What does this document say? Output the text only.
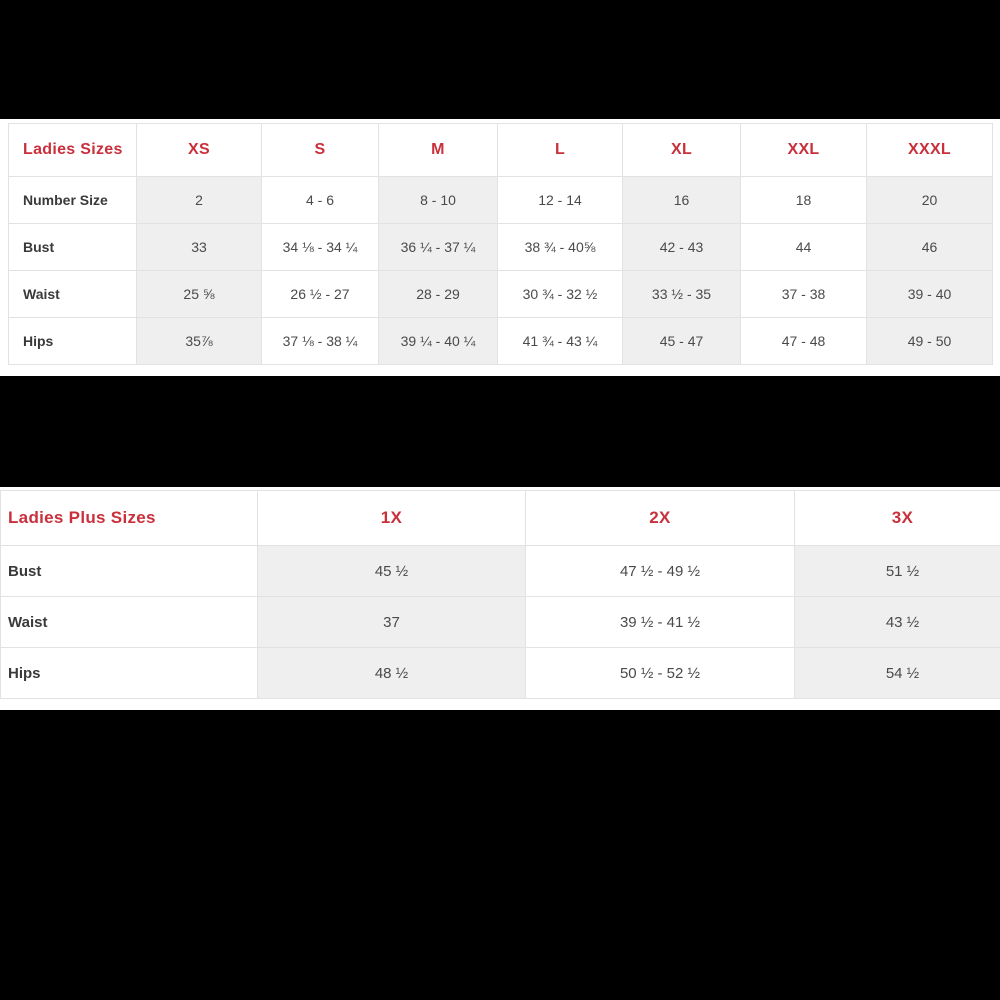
Ladies Sizes	XS	S	M	L	XL	XXL	XXXL
Number Size	2	4 - 6	8 - 10	12 - 14	16	18	20
Bust	33	34 ⅛ - 34 ¼	36 ¼ - 37 ¼	38 ¾ - 40⅝	42 - 43	44	46
Waist	25 ⅝	26 ½ - 27	28 - 29	30 ¾ - 32 ½	33 ½ - 35	37 - 38	39 - 40
Hips	35⅞	37 ⅛ - 38 ¼	39 ¼ - 40 ¼	41 ¾ - 43 ¼	45 - 47	47 - 48	49 - 50
Ladies Plus Sizes	1X	2X	3X
Bust	45 ½	47 ½ - 49 ½	51 ½
Waist	37	39 ½ - 41 ½	43 ½
Hips	48 ½	50 ½ - 52 ½	54 ½
